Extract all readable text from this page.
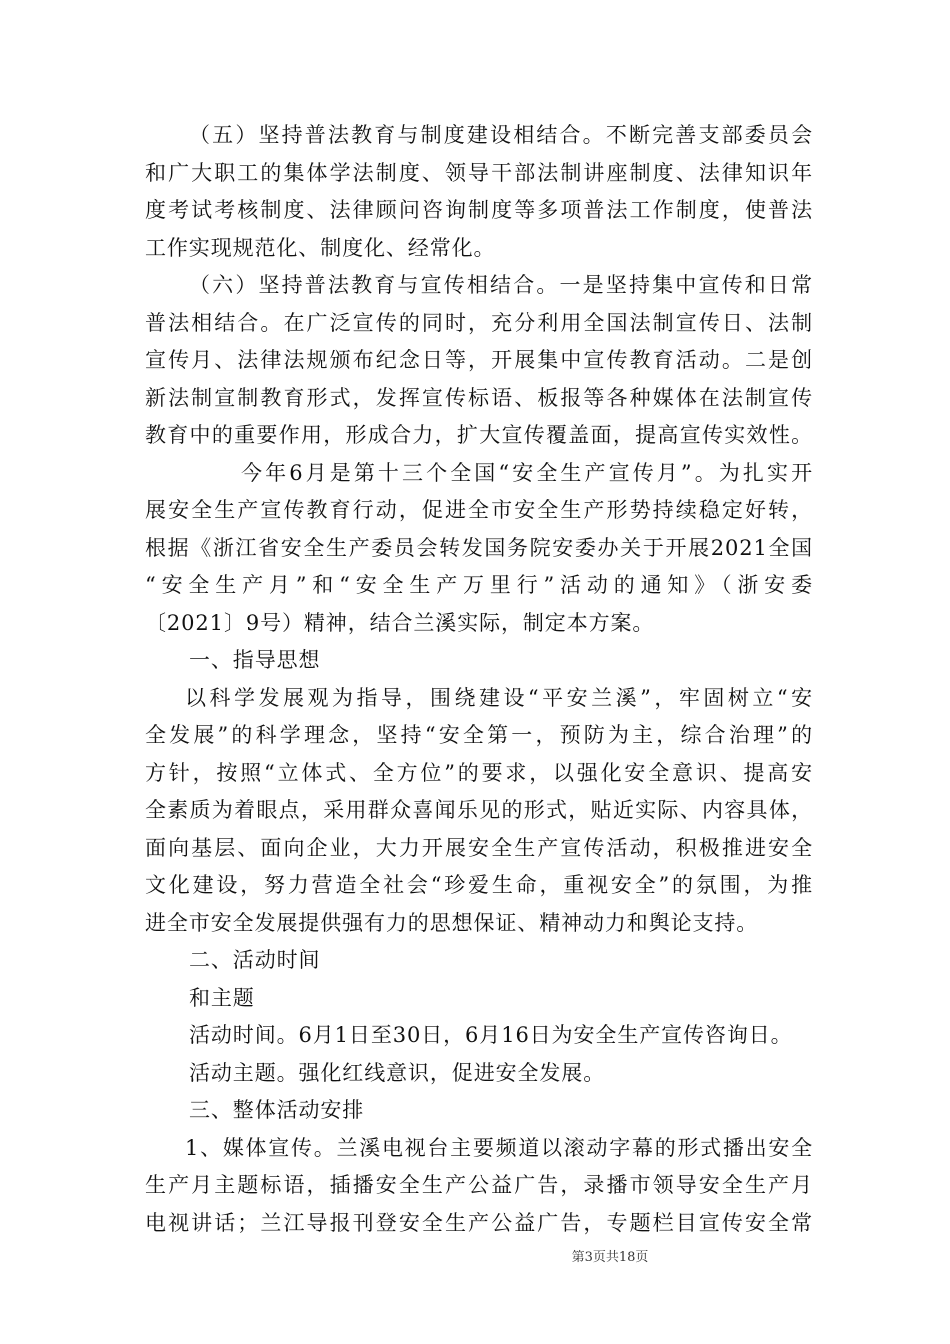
（五）坚持普法教育与制度建设相结合。不断完善支部委员会
和广大职工的集体学法制度、领导干部法制讲座制度、法律知识年
度考试考核制度、法律顾问咨询制度等多项普法工作制度，使普法
工作实现规范化、制度化、经常化。
（六）坚持普法教育与宣传相结合。一是坚持集中宣传和日常
普法相结合。在广泛宣传的同时，充分利用全国法制宣传日、法制
宣传月、法律法规颁布纪念日等，开展集中宣传教育活动。二是创
新法制宣制教育形式，发挥宣传标语、板报等各种媒体在法制宣传
教育中的重要作用，形成合力，扩大宣传覆盖面，提高宣传实效性。
今年6月是第十三个全国“安全生产宣传月”。为扎实开
展安全生产宣传教育行动，促进全市安全生产形势持续稳定好转，
根据《浙江省安全生产委员会转发国务院安委办关于开展2021全国
“安全生产月”和“安全生产万里行”活动的通知》（浙安委
〔2021〕9号）精神，结合兰溪实际，制定本方案。
一、指导思想
以科学发展观为指导，围绕建设“平安兰溪”，牢固树立“安
全发展”的科学理念，坚持“安全第一，预防为主，综合治理”的
方针，按照“立体式、全方位”的要求，以强化安全意识、提高安
全素质为着眼点，采用群众喜闻乐见的形式，贴近实际、内容具体，
面向基层、面向企业，大力开展安全生产宣传活动，积极推进安全
文化建设，努力营造全社会“珍爱生命，重视安全”的氛围，为推
进全市安全发展提供强有力的思想保证、精神动力和舆论支持。
二、活动时间
和主题
活动时间。6月1日至30日，6月16日为安全生产宣传咨询日。
活动主题。强化红线意识，促进安全发展。
三、整体活动安排
1、媒体宣传。兰溪电视台主要频道以滚动字幕的形式播出安全
生产月主题标语，插播安全生产公益广告，录播市领导安全生产月
电视讲话；兰江导报刊登安全生产公益广告，专题栏目宣传安全常
第3页共18页
